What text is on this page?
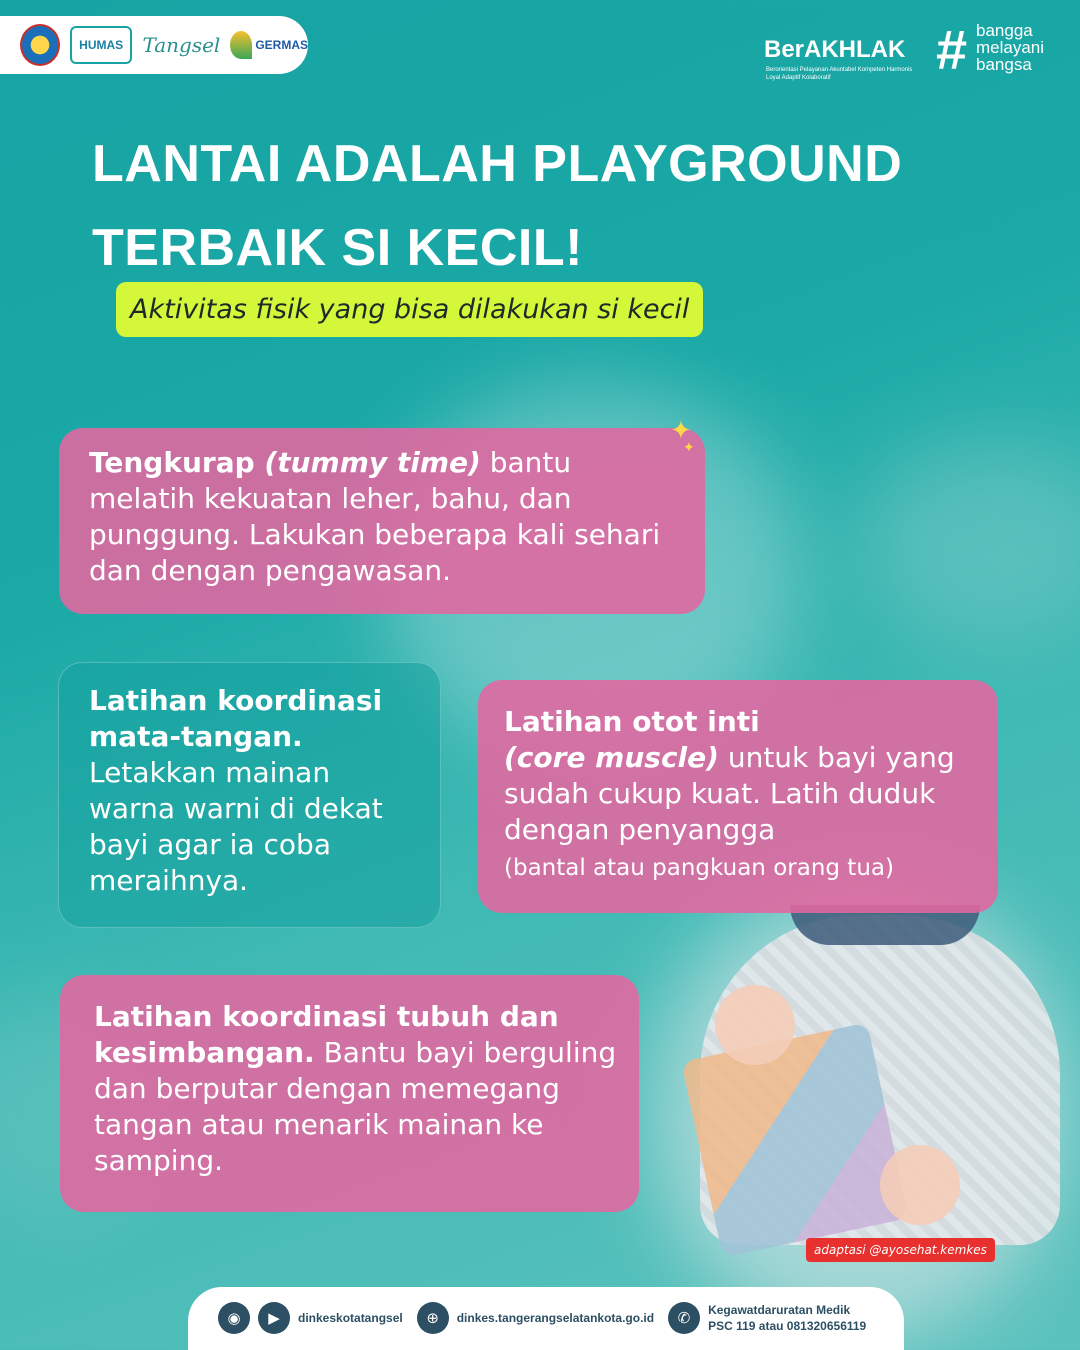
HUMAS Tangsel	GERMAS	BerAKHLAK
Berorientasi Pelayanan Akuntabel Kompeten Harmonis Loyal Adaptif Kolaboratif	# bangga
melayani
bangsa
LANTAI ADALAH PLAYGROUND
TERBAIK SI KECIL!
Aktivitas fisik yang bisa dilakukan si kecil
Tengkurap (tummy time) bantu melatih kekuatan leher, bahu, dan punggung. Lakukan beberapa kali sehari dan dengan pengawasan.
✦
✦
Latihan koordinasi mata-tangan. Letakkan mainan warna warni di dekat bayi agar ia coba meraihnya.
Latihan otot inti
(core muscle) untuk bayi yang sudah cukup kuat. Latih duduk dengan penyangga
(bantal atau pangkuan orang tua)
Latihan koordinasi tubuh dan kesimbangan. Bantu bayi berguling dan berputar dengan memegang tangan atau menarik mainan ke samping.
adaptasi @ayosehat.kemkes
◉	▶	dinkeskotatangsel	⊕	dinkes.tangerangselatankota.go.id	✆	Kegawatdaruratan Medik
PSC 119 atau 081320656119
